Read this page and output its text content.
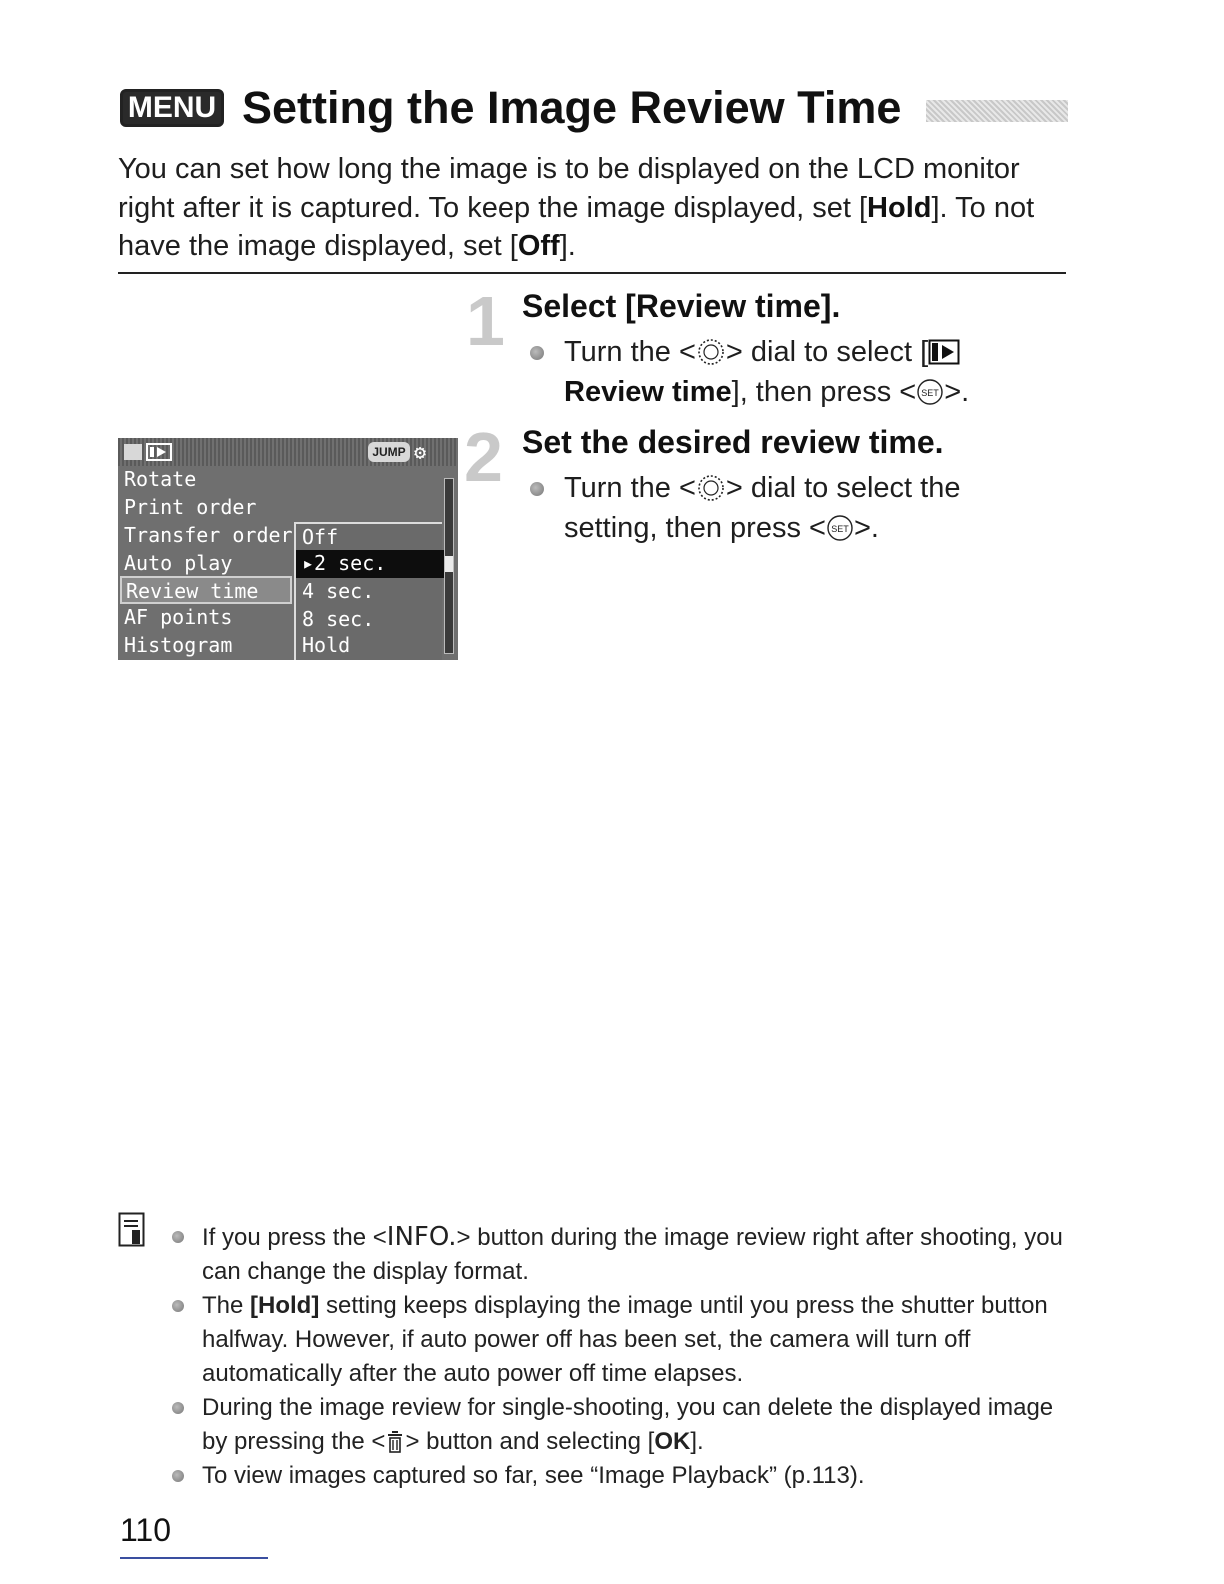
MENU Setting the Image Review Time
You can set how long the image is to be displayed on the LCD monitor right after it is captured. To keep the image displayed, set [Hold]. To not have the image displayed, set [Off].
1 Select [Review time].
Turn the < > dial to select [
Review time], then press < SET >.
2 Set the desired review time.
Turn the < > dial to select the setting, then press < SET >.
JUMP ⚙
Rotate
Print order
Transfer order
Auto play
Review time
AF points
Histogram
Off
▸2 sec.
4 sec.
8 sec.
Hold
If you press the <INFO.> button during the image review right after shooting, you can change the display format.
The [Hold] setting keeps displaying the image until you press the shutter button halfway. However, if auto power off has been set, the camera will turn off automatically after the auto power off time elapses.
During the image review for single-shooting, you can delete the displayed image by pressing the < > button and selecting [OK].
To view images captured so far, see “Image Playback” (p.113).
110
